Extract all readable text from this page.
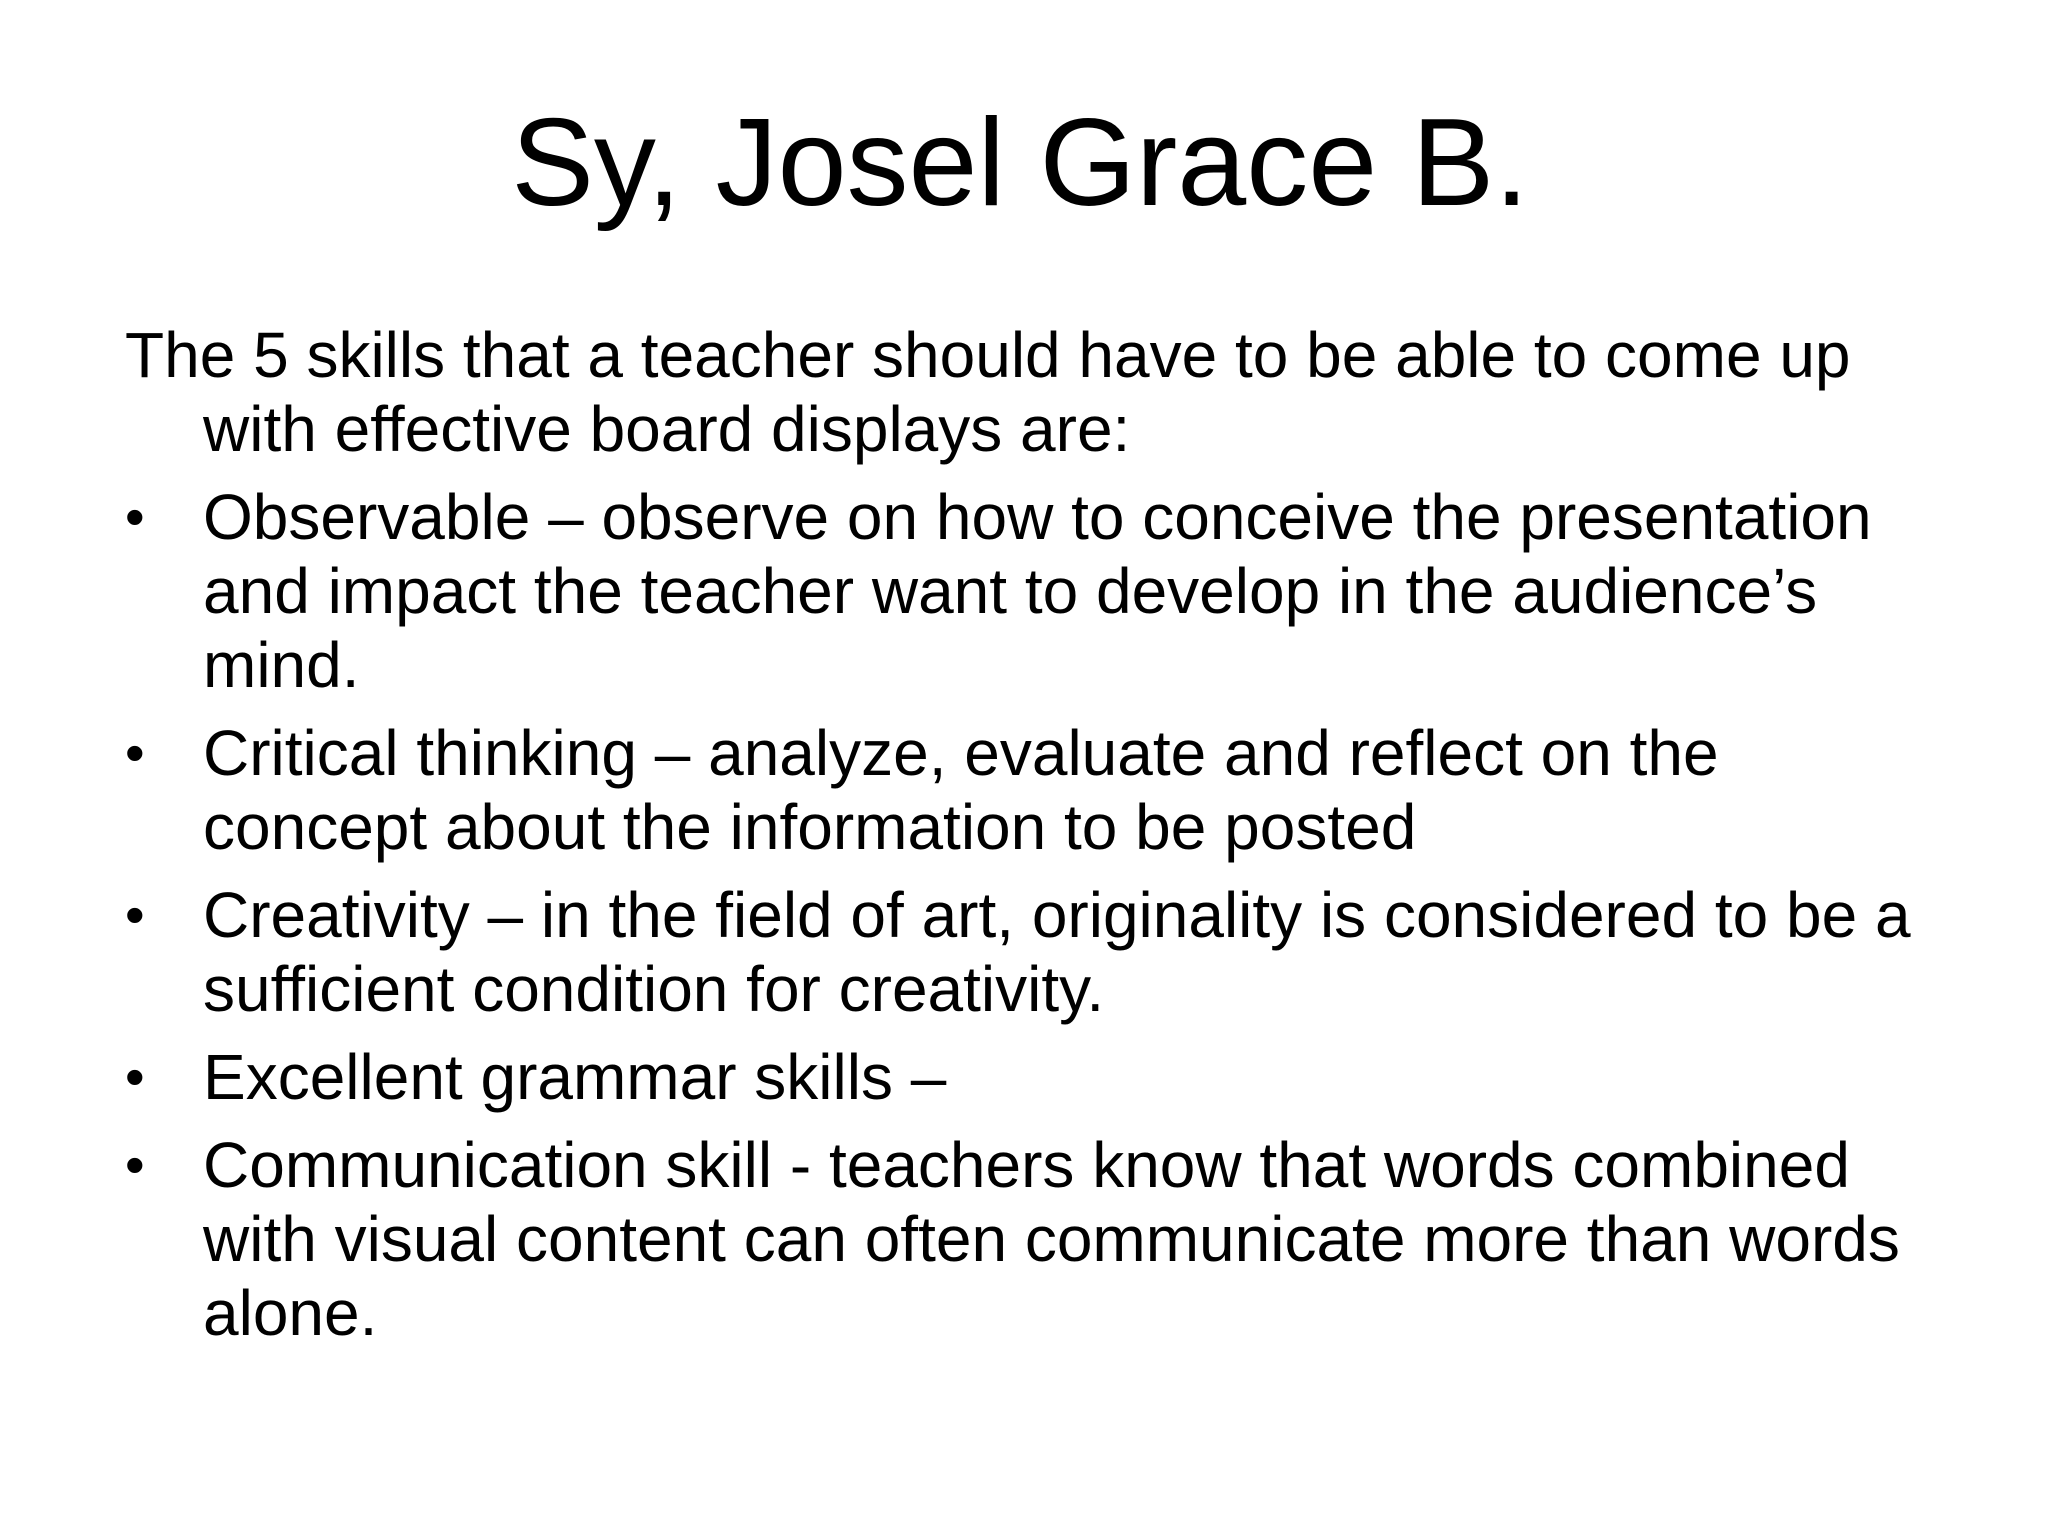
Sy, Josel Grace B.

The 5 skills that a teacher should have to be able to come up with effective board displays are:

• Observable – observe on how to conceive the presentation and impact the teacher want to develop in the audience’s mind.
• Critical thinking – analyze, evaluate and reflect on the concept about the information to be posted
• Creativity – in the field of art, originality is considered to be a sufficient condition for creativity.
• Excellent grammar skills –
• Communication skill - teachers know that words combined with visual content can often communicate more than words alone.
